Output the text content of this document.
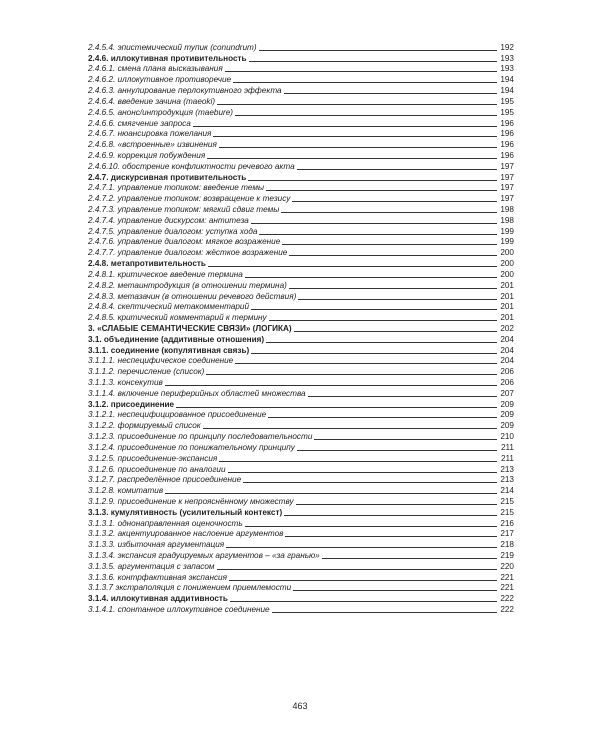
2.4.5.4. эпистемический тупик (conundrum)	192
2.4.6. иллокутивная противительность	193
2.4.6.1. смена плана высказывания	193
2.4.6.2. иллокутивное противоречие	194
2.4.6.3. аннулирование перлокутивного эффекта	194
2.4.6.4. введение зачина (maeoki)	195
2.4.6.5. анонс/интродукция (maebure)	195
2.4.6.6. смягчение запроса	196
2.4.6.7. нюансировка пожелания	196
2.4.6.8. «встроенные» извинения	196
2.4.6.9. коррекция побуждения	196
2.4.6.10. обострение конфликтности речевого акта	197
2.4.7. дискурсивная противительность	197
2.4.7.1. управление топиком: введение темы	197
2.4.7.2. управление топиком: возвращение к тезису	197
2.4.7.3. управление топиком: мягкий сдвиг темы	198
2.4.7.4. управление дискурсом: антитеза	198
2.4.7.5. управление диалогом: уступка хода	199
2.4.7.6. управление диалогом: мягкое возражение	199
2.4.7.7. управление диалогом: жёсткое возражение	200
2.4.8. метапротивительность	200
2.4.8.1. критическое введение термина	200
2.4.8.2. метаинтродукция (в отношении термина)	201
2.4.8.3. метазачин (в отношении речевого действия)	201
2.4.8.4. скептический метакомментарий	201
2.4.8.5. критический комментарий к термину	201
3. «СЛАБЫЕ СЕМАНТИЧЕСКИЕ СВЯЗИ» (ЛОГИКА)	202
3.1. объединение (аддитивные отношения)	204
3.1.1. соединение (копулятивная связь)	204
3.1.1.1. неспецифическое соединение	204
3.1.1.2. перечисление (список)	206
3.1.1.3. консекутив	206
3.1.1.4. включение периферийных областей множества	207
3.1.2. присоединение	209
3.1.2.1. неспецифицированное присоединение	209
3.1.2.2. формируемый список	209
3.1.2.3. присоединение по принципу последовательности	210
3.1.2.4. присоединение по понижательному принципу	211
3.1.2.5. присоединение-экспансия	211
3.1.2.6. присоединение по аналогии	213
3.1.2.7. распределённое присоединение	213
3.1.2.8. комитатив	214
3.1.2.9. присоединение к непрояснённому множеству	215
3.1.3. кумулятивность (усилительный контекст)	215
3.1.3.1. однонаправленная оценочность	216
3.1.3.2. акцентуированное наслоение аргументов	217
3.1.3.3. избыточная аргументация	218
3.1.3.4. экспансия градуируемых аргументов – «за гранью»	219
3.1.3.5. аргументация с запасом	220
3.1.3.6. контрфактивная экспансия	221
3.1.3.7 экстраполяция с понижением приемлемости	221
3.1.4. иллокутивная аддитивность	222
3.1.4.1. спонтанное иллокутивное соединение	222
463
